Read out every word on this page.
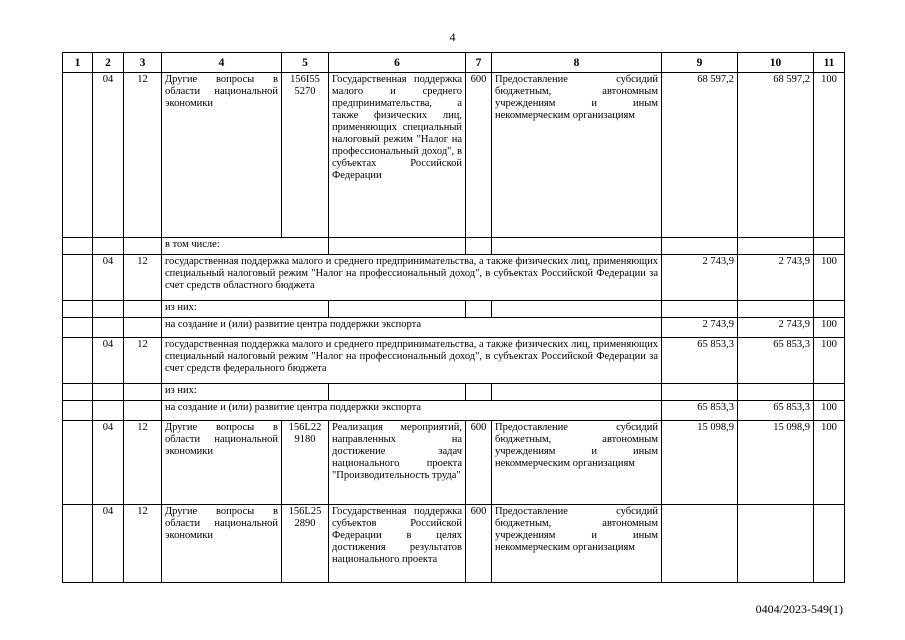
4
1	2	3	4	5	6	7	8	9	10	11
	04	12	Другие вопросы в области национальной экономики	156I55 5270	Государственная поддержка малого и среднего предпринимательства, а также физических лиц, применяющих специальный налоговый режим "Налог на профессиональный доход", в субъектах Российской Федерации	600	Предоставление субсидий бюджетным, автономным учреждениям и иным некоммерческим организациям	68 597,2	68 597,2	100
			в том числе:							
	04	12	государственная поддержка малого и среднего предпринимательства, а также физических лиц, применяющих специальный налоговый режим "Налог на профессиональный доход", в субъектах Российской Федерации за счет средств областного бюджета					2 743,9	2 743,9	100
			из них:							
			на создание и (или) развитие центра поддержки экспорта					2 743,9	2 743,9	100
	04	12	государственная поддержка малого и среднего предпринимательства, а также физических лиц, применяющих специальный налоговый режим "Налог на профессиональный доход", в субъектах Российской Федерации за счет средств федерального бюджета					65 853,3	65 853,3	100
			из них:							
			на создание и (или) развитие центра поддержки экспорта					65 853,3	65 853,3	100
	04	12	Другие вопросы в области национальной экономики	156L22 9180	Реализация мероприятий, направленных на достижение задач национального проекта "Производительность труда"	600	Предоставление субсидий бюджетным, автономным учреждениям и иным некоммерческим организациям	15 098,9	15 098,9	100
	04	12	Другие вопросы в области национальной экономики	156L25 2890	Государственная поддержка субъектов Российской Федерации в целях достижения результатов национального проекта	600	Предоставление субсидий бюджетным, автономным учреждениям и иным некоммерческим организациям			
0404/2023-549(1)
